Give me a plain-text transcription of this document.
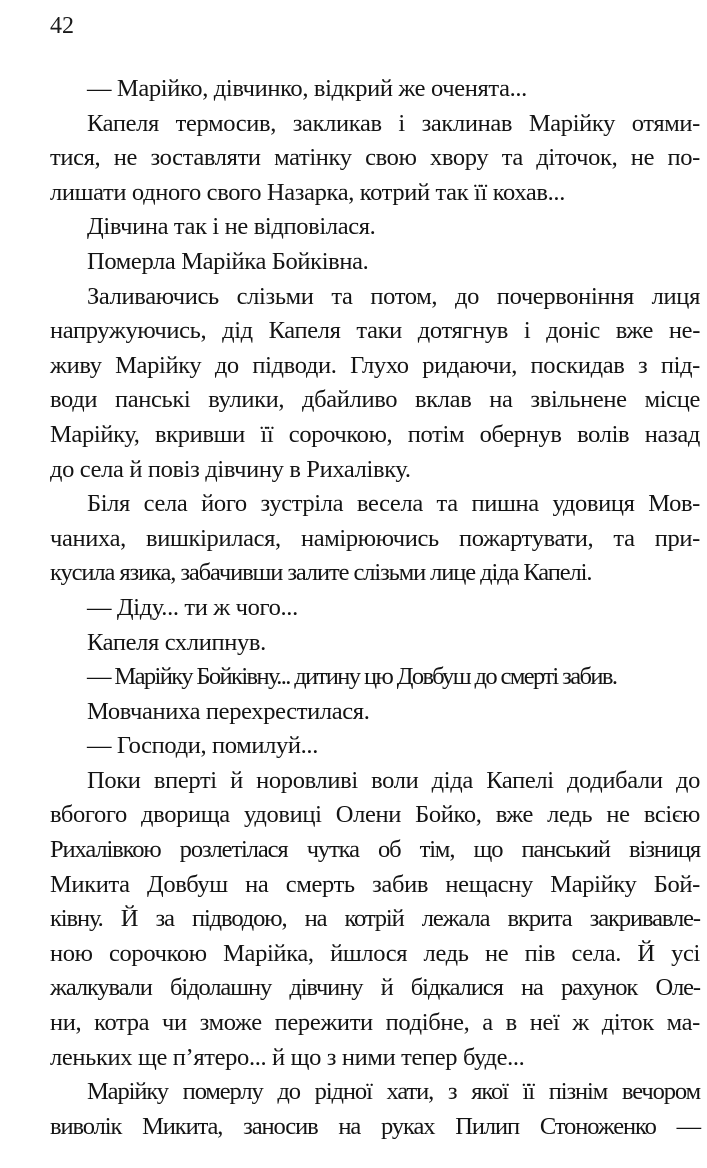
42
— Марійко, дівчинко, відкрий же оченята...
Капеля термосив, закликав і заклинав Марійку отями-
тися, не зоставляти матінку свою хвору та діточок, не по-
лишати одного свого Назарка, котрий так її кохав...
Дівчина так і не відповілася.
Померла Марійка Бойківна.
Заливаючись слізьми та потом, до почервоніння лиця
напружуючись, дід Капеля таки дотягнув і доніс вже не-
живу Марійку до підводи. Глухо ридаючи, поскидав з під-
води панські вулики, дбайливо вклав на звільнене місце
Марійку, вкривши її сорочкою, потім обернув волів назад
до села й повіз дівчину в Рихалівку.
Біля села його зустріла весела та пишна удовиця Мов-
чаниха, вишкірилася, намірюючись пожартувати, та при-
кусила язика, забачивши залите слізьми лице діда Капелі.
— Діду... ти ж чого...
Капеля схлипнув.
— Марійку Бойківну... дитину цю Довбуш до смерті забив.
Мовчаниха перехрестилася.
— Господи, помилуй...
Поки вперті й норовливі воли діда Капелі додибали до
вбогого дворища удовиці Олени Бойко, вже ледь не всією
Рихалівкою розлетілася чутка об тім, що панський візниця
Микита Довбуш на смерть забив нещасну Марійку Бой-
ківну. Й за підводою, на котрій лежала вкрита закривавле-
ною сорочкою Марійка, йшлося ледь не пів села. Й усі
жалкували бідолашну дівчину й бідкалися на рахунок Оле-
ни, котра чи зможе пережити подібне, а в неї ж діток ма-
леньких ще п’ятеро... й що з ними тепер буде...
Марійку померлу до рідної хати, з якої її пізнім вечором
виволік Микита, заносив на руках Пилип Стоноженко —
